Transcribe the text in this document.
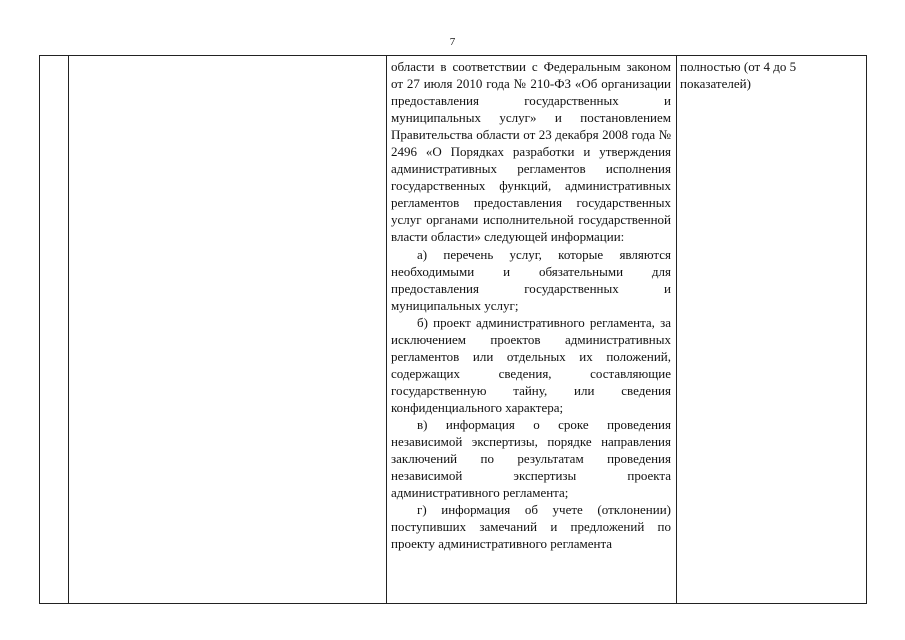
7

области в соответствии с Федеральным законом от 27 июля 2010 года № 210-ФЗ «Об организации предоставления государственных и муниципальных услуг» и постановлением Правительства области от 23 декабря 2008 года № 2496 «О Порядках разработки и утверждения административных регламентов исполнения государственных функций, административных регламентов предоставления государственных услуг органами исполнительной государственной власти области» следующей информации:

а) перечень услуг, которые являются необходимыми и обязательными для предоставления государственных и муниципальных услуг;

б) проект административного регламента, за исключением проектов административных регламентов или отдельных их положений, содержащих сведения, составляющие государственную тайну, или сведения конфиденциального характера;

в) информация о сроке проведения независимой экспертизы, порядке направления заключений по результатам проведения независимой экспертизы проекта административного регламента;

г) информация об учете (отклонении) поступивших замечаний и предложений по проекту административного регламента

полностью (от 4 до 5 показателей)
